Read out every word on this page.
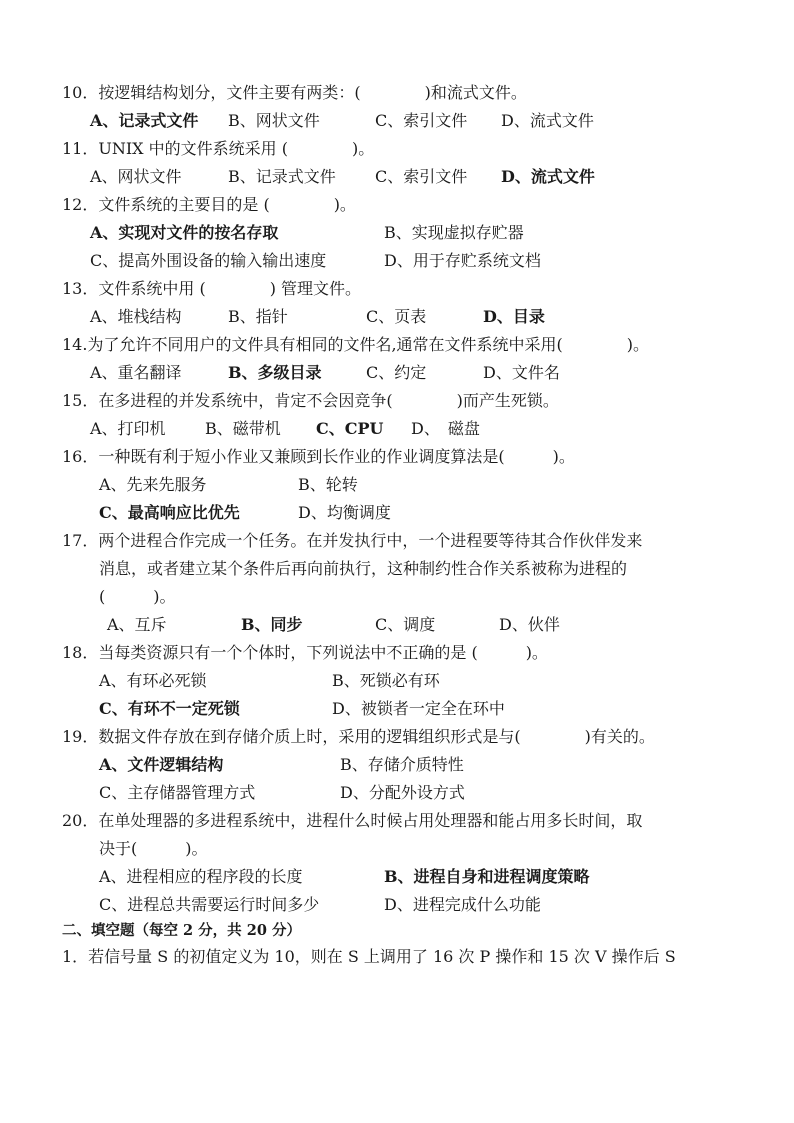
10．按逻辑结构划分，文件主要有两类：(　　　　)和流式文件。
A、记录式文件 B、网状文件	C、索引文件 D、流式文件
11．UNIX 中的文件系统采用 (　　　　)。
A、网状文件	B、记录式文件 C、索引文件 D、流式文件
12．文件系统的主要目的是 (　　　　)。
A、实现对文件的按名存取	B、实现虚拟存贮器
C、提高外围设备的输入输出速度	D、用于存贮系统文档
13．文件系统中用 (　　　　) 管理文件。
A、堆栈结构	B、指针	C、页表	D、目录
14.为了允许不同用户的文件具有相同的文件名,通常在文件系统中采用(　　　　)。
A、重名翻译	B、多级目录	C、约定	D、文件名
15．在多进程的并发系统中，肯定不会因竞争(　　　　)而产生死锁。
A、打印机 B、磁带机 C、CPU D、　磁盘
16．一种既有利于短小作业又兼顾到长作业的作业调度算法是(　　　)。
A、先来先服务	B、轮转
C、最高响应比优先	D、均衡调度
17．两个进程合作完成一个任务。在并发执行中，一个进程要等待其合作伙伴发来
消息，或者建立某个条件后再向前执行，这种制约性合作关系被称为进程的
(　　　)。
A、互斥	B、同步	C、调度	D、伙伴
18．当每类资源只有一个个体时，下列说法中不正确的是 (　　　)。
A、有环必死锁	B、死锁必有环
C、有环不一定死锁	D、被锁者一定全在环中
19．数据文件存放在到存储介质上时，采用的逻辑组织形式是与(　　　　)有关的。
A、文件逻辑结构	B、存储介质特性
C、主存储器管理方式	D、分配外设方式
20．在单处理器的多进程系统中，进程什么时候占用处理器和能占用多长时间，取
决于(　　　)。
A、进程相应的程序段的长度	B、进程自身和进程调度策略
C、进程总共需要运行时间多少	D、进程完成什么功能
二、填空题（每空 2 分，共 20 分）
1．若信号量 S 的初值定义为 10，则在 S 上调用了 16 次 P 操作和 15 次 V 操作后 S
